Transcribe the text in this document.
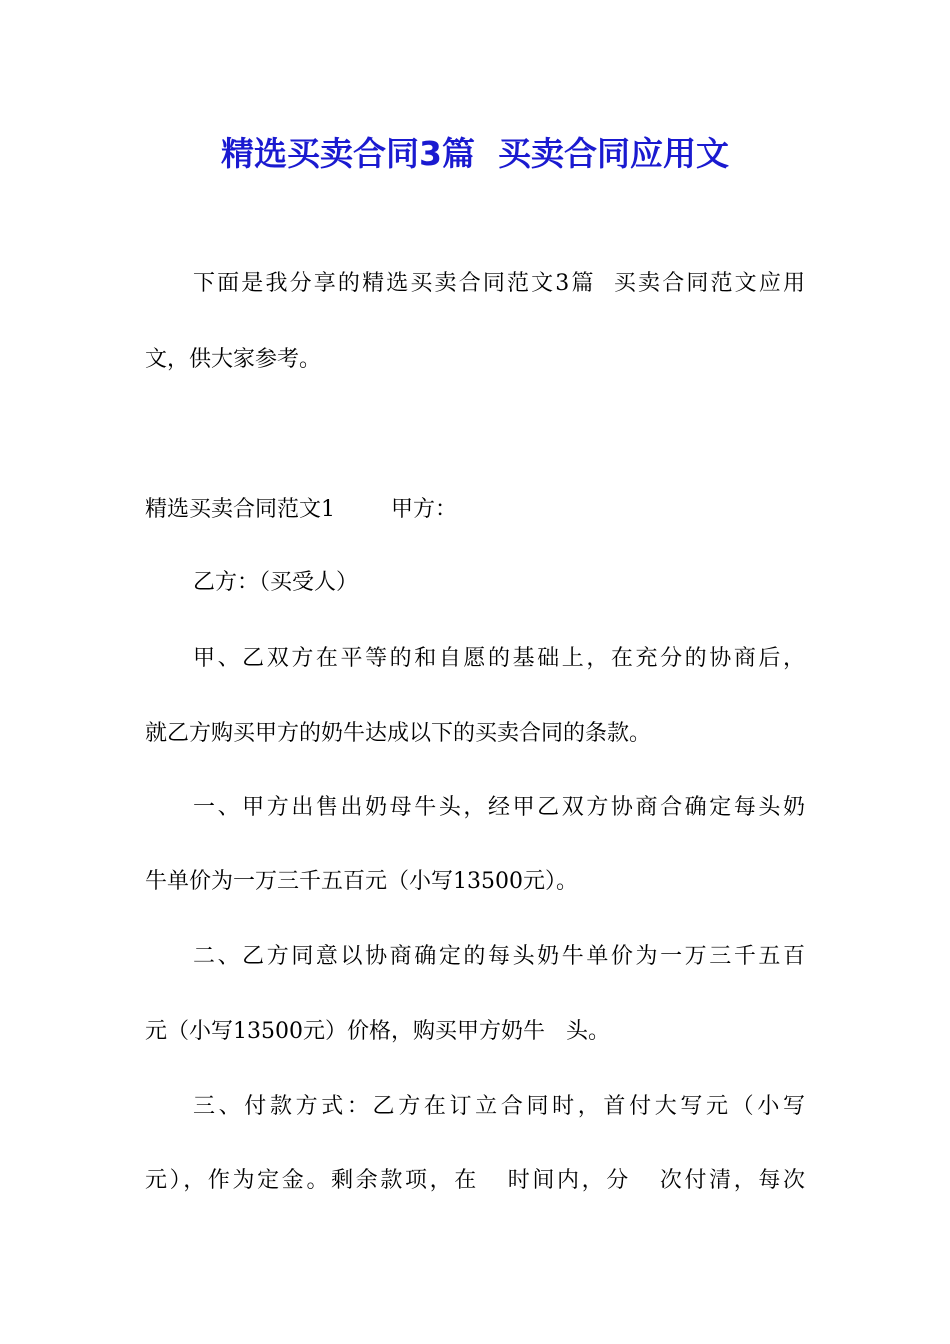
精选买卖合同3篇  买卖合同应用文

下面是我分享的精选买卖合同范文3篇  买卖合同范文应用

文，供大家参考。

精选买卖合同范文1        甲方：

乙方：（买受人）

甲、乙双方在平等的和自愿的基础上，在充分的协商后，

就乙方购买甲方的奶牛达成以下的买卖合同的条款。

一、甲方出售出奶母牛头，经甲乙双方协商合确定每头奶

牛单价为一万三千五百元（小写13500元）。

二、乙方同意以协商确定的每头奶牛单价为一万三千五百

元（小写13500元）价格，购买甲方奶牛   头。

三、付款方式：乙方在订立合同时，首付大写元（小写

元），作为定金。剩余款项，在   时间内，分   次付清，每次
